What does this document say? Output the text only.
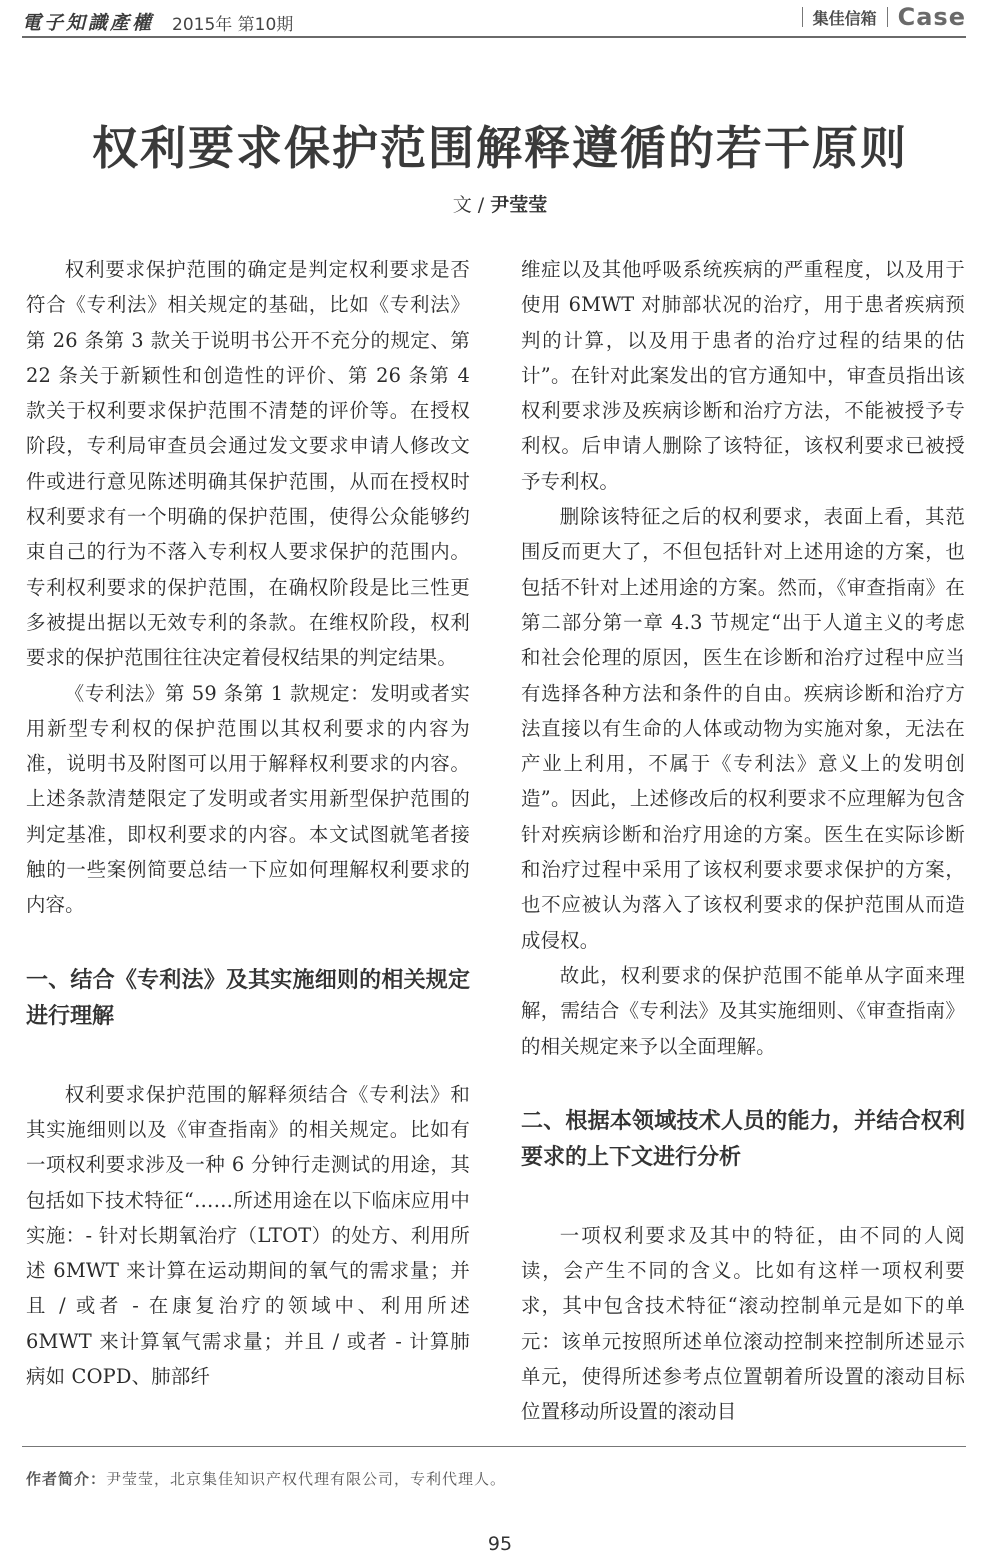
電子知識產權 2015年 第10期	集佳信箱 Case
权利要求保护范围解释遵循的若干原则
文 / 尹莹莹

权利要求保护范围的确定是判定权利要求是否符合《专利法》相关规定的基础，比如《专利法》第 26 条第 3 款关于说明书公开不充分的规定、第 22 条关于新颖性和创造性的评价、第 26 条第 4 款关于权利要求保护范围不清楚的评价等。在授权阶段，专利局审查员会通过发文要求申请人修改文件或进行意见陈述明确其保护范围，从而在授权时权利要求有一个明确的保护范围，使得公众能够约束自己的行为不落入专利权人要求保护的范围内。专利权利要求的保护范围，在确权阶段是比三性更多被提出据以无效专利的条款。在维权阶段，权利要求的保护范围往往决定着侵权结果的判定结果。

《专利法》第 59 条第 1 款规定：发明或者实用新型专利权的保护范围以其权利要求的内容为准，说明书及附图可以用于解释权利要求的内容。上述条款清楚限定了发明或者实用新型保护范围的判定基准，即权利要求的内容。本文试图就笔者接触的一些案例简要总结一下应如何理解权利要求的内容。

一、结合《专利法》及其实施细则的相关规定进行理解

权利要求保护范围的解释须结合《专利法》和其实施细则以及《审查指南》的相关规定。比如有一项权利要求涉及一种 6 分钟行走测试的用途，其包括如下技术特征“……所述用途在以下临床应用中实施：- 针对长期氧治疗（LTOT）的处方、利用所述 6MWT 来计算在运动期间的氧气的需求量；并且 / 或者 - 在康复治疗的领域中、利用所述 6MWT 来计算氧气需求量；并且 / 或者 - 计算肺病如 COPD、肺部纤

维症以及其他呼吸系统疾病的严重程度，以及用于使用 6MWT 对肺部状况的治疗，用于患者疾病预判的计算，以及用于患者的治疗过程的结果的估计”。在针对此案发出的官方通知中，审查员指出该权利要求涉及疾病诊断和治疗方法，不能被授予专利权。后申请人删除了该特征，该权利要求已被授予专利权。

删除该特征之后的权利要求，表面上看，其范围反而更大了，不但包括针对上述用途的方案，也包括不针对上述用途的方案。然而，《审查指南》在第二部分第一章 4.3 节规定“出于人道主义的考虑和社会伦理的原因，医生在诊断和治疗过程中应当有选择各种方法和条件的自由。疾病诊断和治疗方法直接以有生命的人体或动物为实施对象，无法在产业上利用，不属于《专利法》意义上的发明创造”。因此，上述修改后的权利要求不应理解为包含针对疾病诊断和治疗用途的方案。医生在实际诊断和治疗过程中采用了该权利要求要求保护的方案，也不应被认为落入了该权利要求的保护范围从而造成侵权。

故此，权利要求的保护范围不能单从字面来理解，需结合《专利法》及其实施细则、《审查指南》的相关规定来予以全面理解。

二、根据本领域技术人员的能力，并结合权利要求的上下文进行分析

一项权利要求及其中的特征，由不同的人阅读，会产生不同的含义。比如有这样一项权利要求，其中包含技术特征“滚动控制单元是如下的单元：该单元按照所述单位滚动控制来控制所述显示单元，使得所述参考点位置朝着所设置的滚动目标位置移动所设置的滚动目

作者简介：尹莹莹，北京集佳知识产权代理有限公司，专利代理人。
95
